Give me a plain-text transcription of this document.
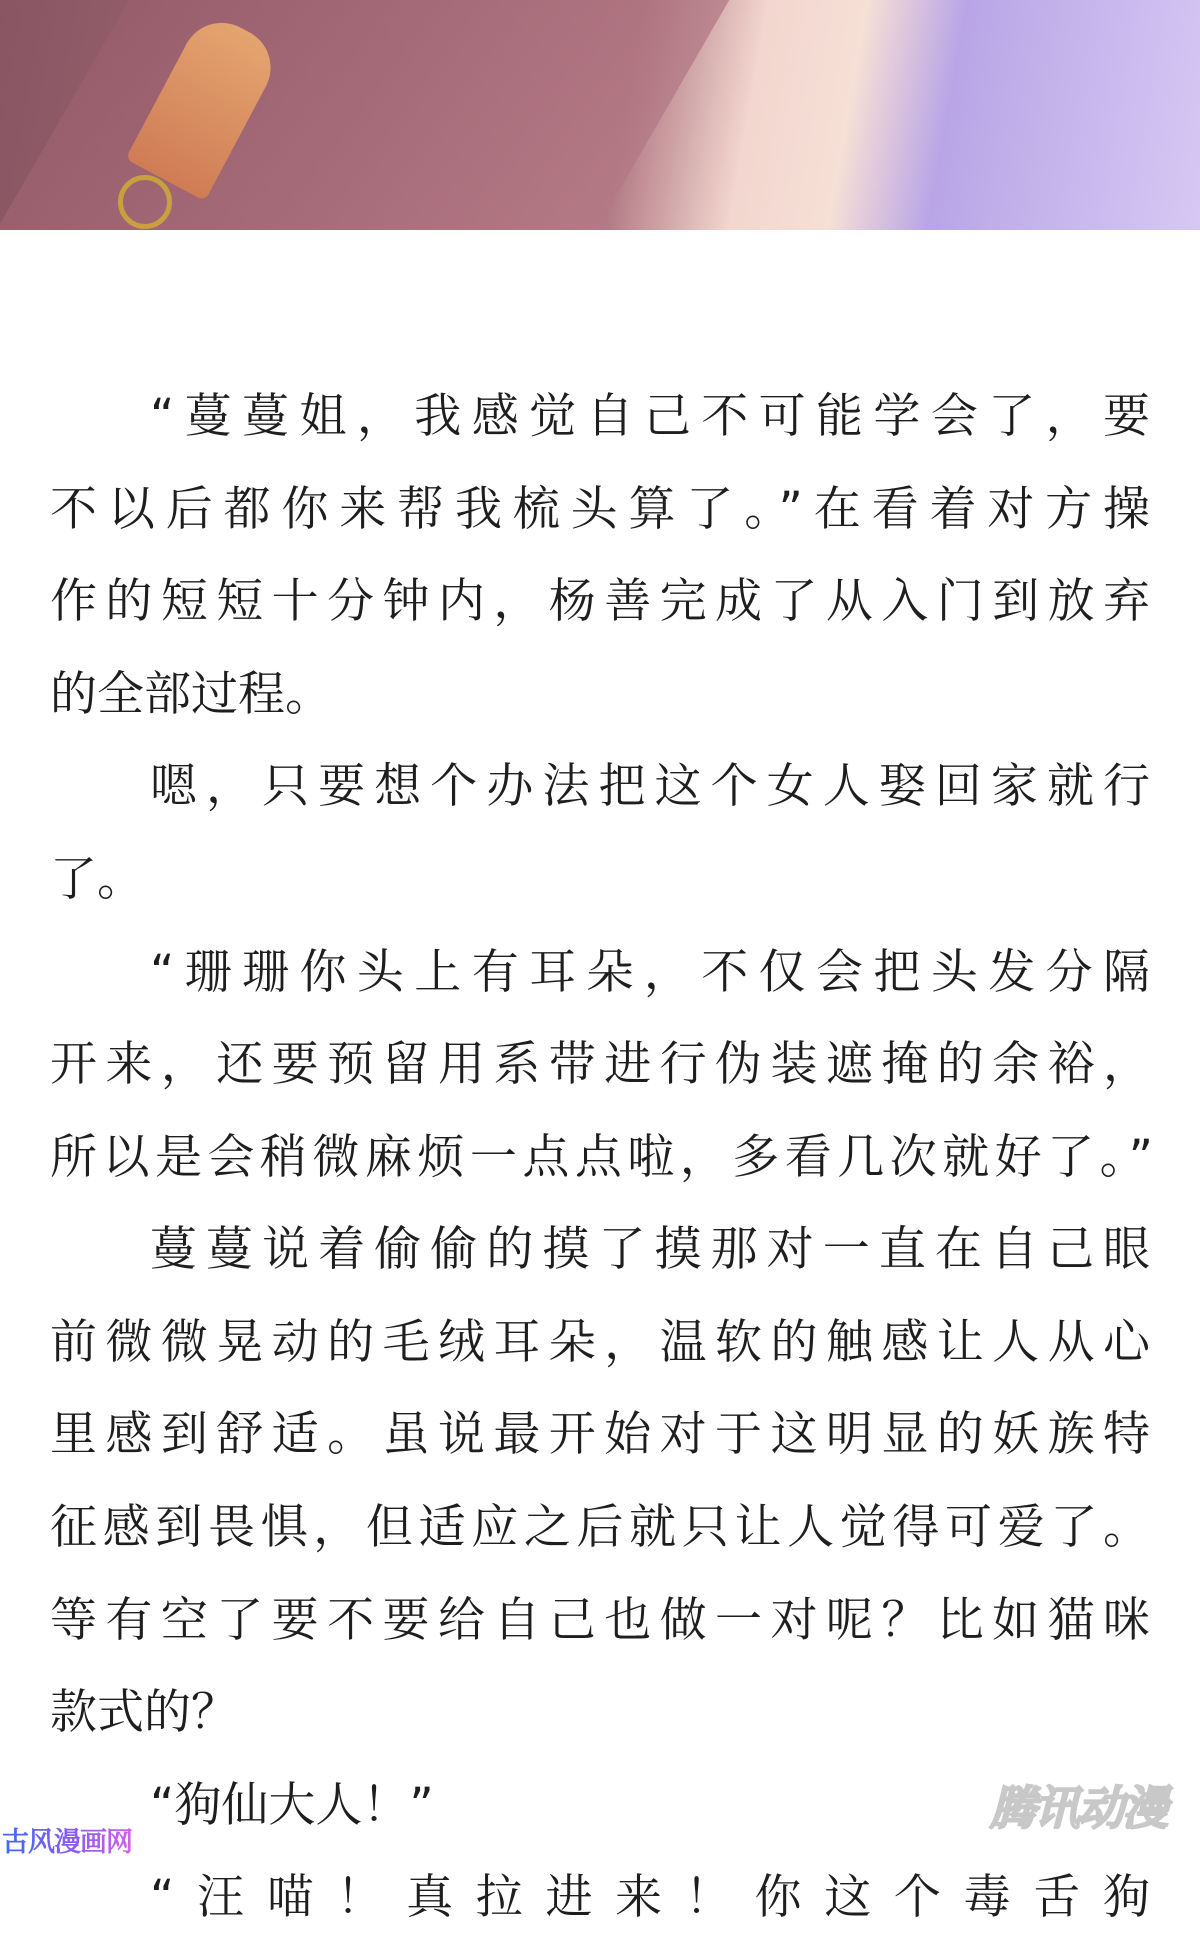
腾讯动漫
古风漫画网
“蔓蔓姐，我感觉自己不可能学会了，要
不以后都你来帮我梳头算了。”在看着对方操
作的短短十分钟内，杨善完成了从入门到放弃
的全部过程。
嗯，只要想个办法把这个女人娶回家就行
了。
“珊珊你头上有耳朵，不仅会把头发分隔
开来，还要预留用系带进行伪装遮掩的余裕，
所以是会稍微麻烦一点点啦，多看几次就好了。”
蔓蔓说着偷偷的摸了摸那对一直在自己眼
前微微晃动的毛绒耳朵，温软的触感让人从心
里感到舒适。虽说最开始对于这明显的妖族特
征感到畏惧，但适应之后就只让人觉得可爱了。
等有空了要不要给自己也做一对呢？比如猫咪
款式的？
“狗仙大人！”
“汪喵！真拉进来！你这个毒舌狗
